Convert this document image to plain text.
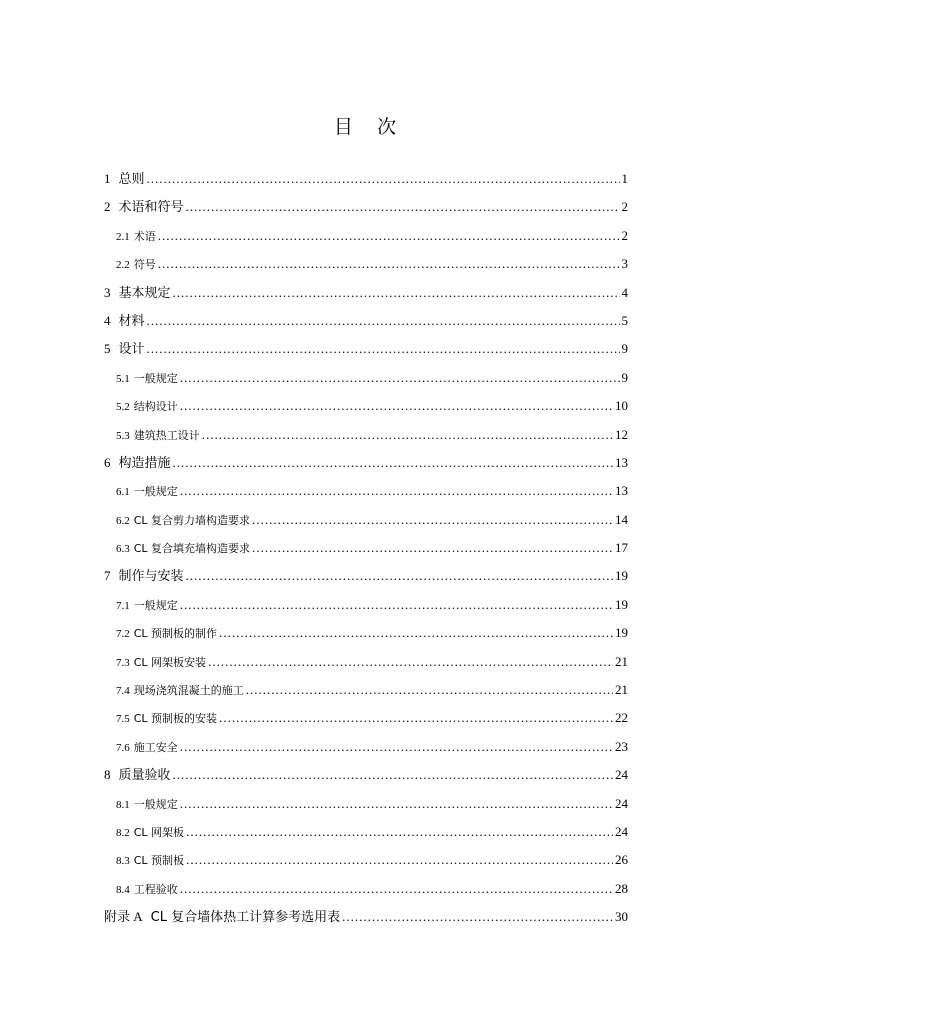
目    次
1 总则 .....	1
2 术语和符号 .....	2
2.1 术语 .....	2
2.2 符号 .....	3
3 基本规定 .....	4
4 材料 .....	5
5 设计 .....	9
5.1 一般规定 .....	9
5.2 结构设计 .....	10
5.3 建筑热工设计 .....	12
6 构造措施 .....	13
6.1 一般规定 .....	13
6.2 CL 复合剪力墙构造要求 .....	14
6.3 CL 复合填充墙构造要求 .....	17
7 制作与安装 .....	19
7.1 一般规定 .....	19
7.2 CL 预制板的制作 .....	19
7.3 CL 网架板安装 .....	21
7.4 现场浇筑混凝土的施工 .....	21
7.5 CL 预制板的安装 .....	22
7.6 施工安全 .....	23
8 质量验收 .....	24
8.1 一般规定 .....	24
8.2 CL 网架板 .....	24
8.3 CL 预制板 .....	26
8.4 工程验收 .....	28
附录 A CL 复合墙体热工计算参考选用表 .....	30
